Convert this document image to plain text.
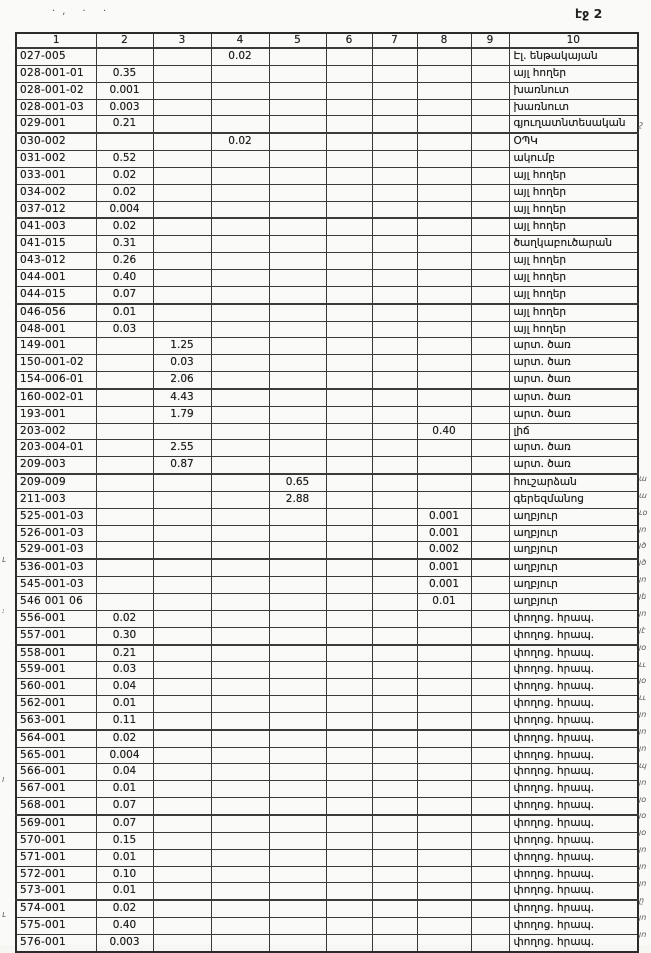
·‚ · ·	էջ 2
1	2	3	4	5	6	7	8	9	10
027-005			0.02						Էլ. ենթակայան
028-001-01	0.35								այլ հողեր
028-001-02	0.001								խառնուտ
028-001-03	0.003								խառնուտ
029-001	0.21								գյուղատնտեսական
030-002			0.02						ՕՊԿ
031-002	0.52								ակումբ
033-001	0.02								այլ հողեր
034-002	0.02								այլ հողեր
037-012	0.004								այլ հողեր
041-003	0.02								այլ հողեր
041-015	0.31								ծաղկաբուծարան
043-012	0.26								այլ հողեր
044-001	0.40								այլ հողեր
044-015	0.07								այլ հողեր
046-056	0.01								այլ հողեր
048-001	0.03								այլ հողեր
149-001		1.25							արտ. ծառ
150-001-02		0.03							արտ. ծառ
154-006-01		2.06							արտ. ծառ
160-002-01		4.43							արտ. ծառ
193-001		1.79							արտ. ծառ
203-002							0.40		լիճ
203-004-01		2.55							արտ. ծառ
209-003		0.87							արտ. ծառ
209-009				0.65					հուշարձան
211-003				2.88					գերեզմանոց
525-001-03							0.001		աղբյուր
526-001-03							0.001		աղբյուր
529-001-03							0.002		աղբյուր
536-001-03							0.001		աղբյուր
545-001-03							0.001		աղբյուր
546 001 06							0.01		աղբյուր
556-001	0.02								փողոց. հրապ.
557-001	0.30								փողոց. հրապ.
558-001	0.21								փողոց. հրապ.
559-001	0.03								փողոց. հրապ.
560-001	0.04								փողոց. հրապ.
562-001	0.01								փողոց. հրապ.
563-001	0.11								փողոց. հրապ.
564-001	0.02								փողոց. հրապ.
565-001	0.004								փողոց. հրապ.
566-001	0.04								փողոց. հրապ.
567-001	0.01								փողոց. հրապ.
568-001	0.07								փողոց. հրապ.
569-001	0.07								փողոց. հրապ.
570-001	0.15								փողոց. հրապ.
571-001	0.01								փողոց. հրապ.
572-001	0.10								փողոց. հրապ.
573-001	0.01								փողոց. հրապ.
574-001	0.02								փողոց. հրապ.
575-001	0.40								փողոց. հրապ.
576-001	0.003								փողոց. հրապ.
շ
ա
ա
ւօ
յո
յծ
յծ
յո
յե
յո
յէ
յօ
ււ
յօ
ււ
յո
յո
յո
պ
յո
յօ
յօ
յօ
յո
յո
յո
ը
յո
յո
ւ
։
ı
ւ
